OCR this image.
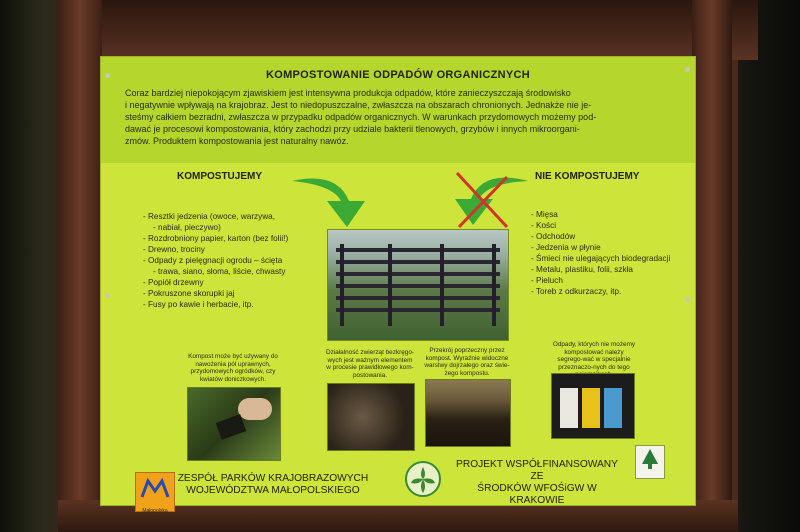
KOMPOSTOWANIE ODPADÓW ORGANICZNYCH
Coraz bardziej niepokojącym zjawiskiem jest intensywna produkcja odpadów, które zanieczyszczają środowisko
i negatywnie wpływają na krajobraz. Jest to niedopuszczalne, zwłaszcza na obszarach chronionych. Jednakże nie je-
steśmy całkiem bezradni, zwłaszcza w przypadku odpadów organicznych. W warunkach przydomowych możemy pod-
dawać je procesowi kompostowania, który zachodzi przy udziale bakterii tlenowych, grzybów i innych mikroorgani-
zmów. Produktem kompostowania jest naturalny nawóz.
KOMPOSTUJEMY	NIE KOMPOSTUJEMY
- Resztki jedzenia (owoce, warzywa,
- nabiał, pieczywo)
- Rozdrobniony papier, karton (bez folii!)
- Drewno, trociny
- Odpady z pielęgnacji ogrodu – ścięta
- trawa, siano, słoma, liście, chwasty
- Popiół drzewny
- Pokruszone skorupki jaj
- Fusy po kawie i herbacie, itp.
- Mięsa
- Kości
- Odchodów
- Jedzenia w płynie
- Śmieci nie ulegających biodegradacji
- Metalu, plastiku, folii, szkła
- Pieluch
- Toreb z odkurzaczy, itp.
Kompost może być używany do nawożenia pól uprawnych, przydomowych ogródków, czy kwiatów doniczkowych.
Działalność zwierząt bezkręgo-wych jest ważnym elementem w procesie prawidłowego kom-postowania.
Przekrój poprzeczny przez kompost. Wyraźnie widoczne warstwy dojrzałego oraz świe-żego kompostu.
Odpady, których nie możemy kompostować należy segrego-wać w specjalnie przeznaczo-nych do tego
Małopolska
ZESPÓŁ PARKÓW KRAJOBRAZOWYCH
WOJEWÓDZTWA MAŁOPOLSKIEGO
PROJEKT WSPÓŁFINANSOWANY ZE
ŚRODKÓW WFOŚiGW W KRAKOWIE
